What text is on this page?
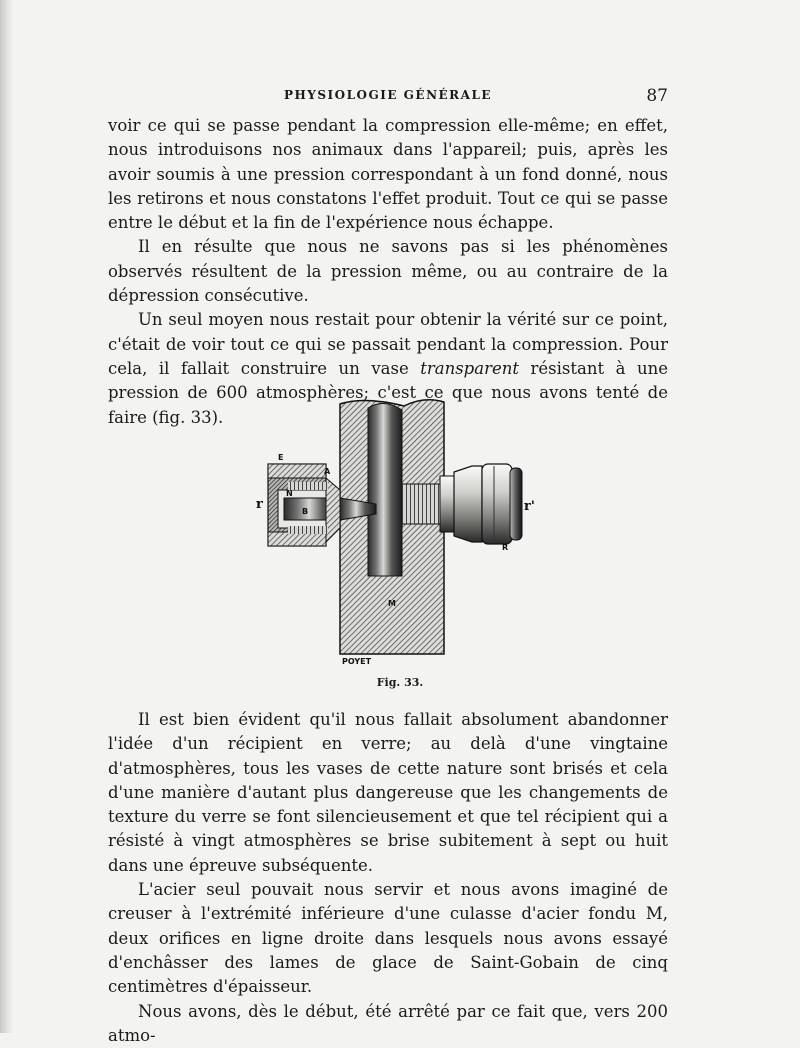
PHYSIOLOGIE GÉNÉRALE	87

voir ce qui se passe pendant la compression elle-même; en effet, nous introduisons nos animaux dans l'appareil; puis, après les avoir soumis à une pression correspondant à un fond donné, nous les retirons et nous constatons l'effet produit. Tout ce qui se passe entre le début et la fin de l'expérience nous échappe.

Il en résulte que nous ne savons pas si les phénomènes observés résultent de la pression même, ou au contraire de la dépression consécutive.

Un seul moyen nous restait pour obtenir la vérité sur ce point, c'était de voir tout ce qui se passait pendant la compression. Pour cela, il fallait construire un vase transparent résistant à une pression de 600 atmosphères; c'est ce que nous avons tenté de faire (fig. 33).

E
A
N
B
r	r'
R
M
POYET
Fig. 33.

Il est bien évident qu'il nous fallait absolument abandonner l'idée d'un récipient en verre; au delà d'une vingtaine d'atmosphères, tous les vases de cette nature sont brisés et cela d'une manière d'autant plus dangereuse que les changements de texture du verre se font silencieusement et que tel récipient qui a résisté à vingt atmosphères se brise subitement à sept ou huit dans une épreuve subséquente.

L'acier seul pouvait nous servir et nous avons imaginé de creuser à l'extrémité inférieure d'une culasse d'acier fondu M, deux orifices en ligne droite dans lesquels nous avons essayé d'enchâsser des lames de glace de Saint-Gobain de cinq centimètres d'épaisseur.

Nous avons, dès le début, été arrêté par ce fait que, vers 200 atmo-
